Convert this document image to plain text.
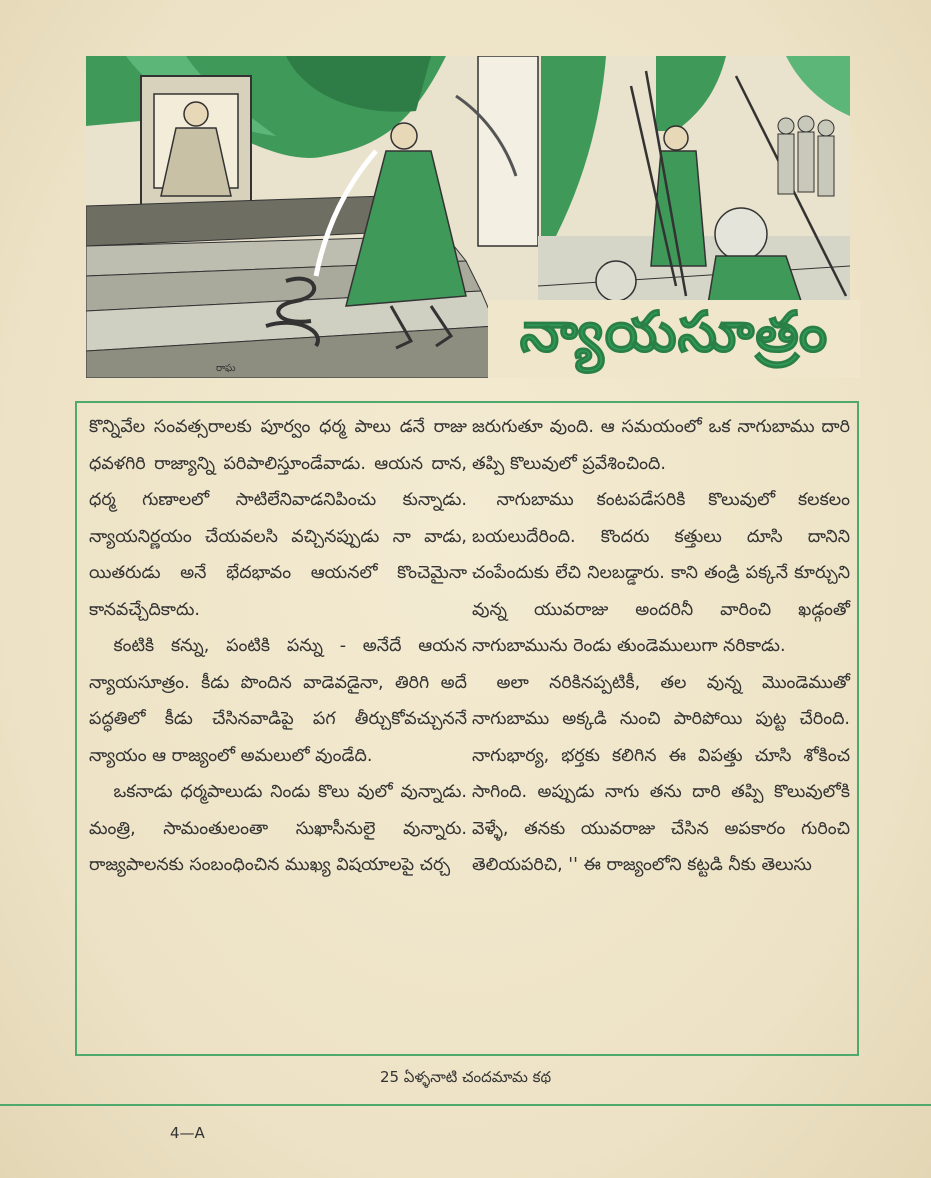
రాఘ
న్యాయసూత్రం

కొన్నివేల సంవత్సరాలకు పూర్వం ధర్మ పాలు డనే రాజు ధవళగిరి రాజ్యాన్ని పరిపాలిస్తూండేవాడు. ఆయన దాన, ధర్మ గుణాలలో సాటిలేనివాడనిపించు కున్నాడు. న్యాయనిర్ణయం చేయవలసి వచ్చినప్పుడు నా వాడు, యితరుడు అనే భేదభావం ఆయనలో కొంచెమైనా కానవచ్చేదికాదు.

కంటికి కన్ను, పంటికి పన్ను - అనేదే ఆయన న్యాయసూత్రం. కీడు పొందిన వాడెవడైనా, తిరిగి అదే పద్ధతిలో కీడు చేసినవాడిపై పగ తీర్చుకోవచ్చుననే న్యాయం ఆ రాజ్యంలో అమలులో వుండేది.

ఒకనాడు ధర్మపాలుడు నిండు కొలు వులో వున్నాడు. మంత్రి, సామంతులంతా సుఖాసీనులై వున్నారు. రాజ్యపాలనకు సంబంధించిన ముఖ్య విషయాలపై చర్చ

జరుగుతూ వుంది. ఆ సమయంలో ఒక నాగుబాము దారి తప్పి కొలువులో ప్రవేశించింది.

నాగుబాము కంటపడేసరికి కొలువులో కలకలం బయలుదేరింది. కొందరు కత్తులు దూసి దానిని చంపేందుకు లేచి నిలబడ్డారు. కాని తండ్రి పక్కనే కూర్చుని వున్న యువరాజు అందరినీ వారించి ఖడ్గంతో నాగుబామును రెండు తుండెములుగా నరికాడు.

అలా నరికినప్పటికీ, తల వున్న మొండెముతో నాగుబాము అక్కడి నుంచి పారిపోయి పుట్ట చేరింది. నాగుభార్య, భర్తకు కలిగిన ఈ విపత్తు చూసి శోకించ సాగింది. అప్పుడు నాగు తను దారి తప్పి కొలువులోకి వెళ్ళే, తనకు యువరాజు చేసిన అపకారం గురించి తెలియపరిచి, '' ఈ రాజ్యంలోని కట్టడి నీకు తెలుసు

25 ఏళ్ళనాటి చందమామ కథ
4—A
